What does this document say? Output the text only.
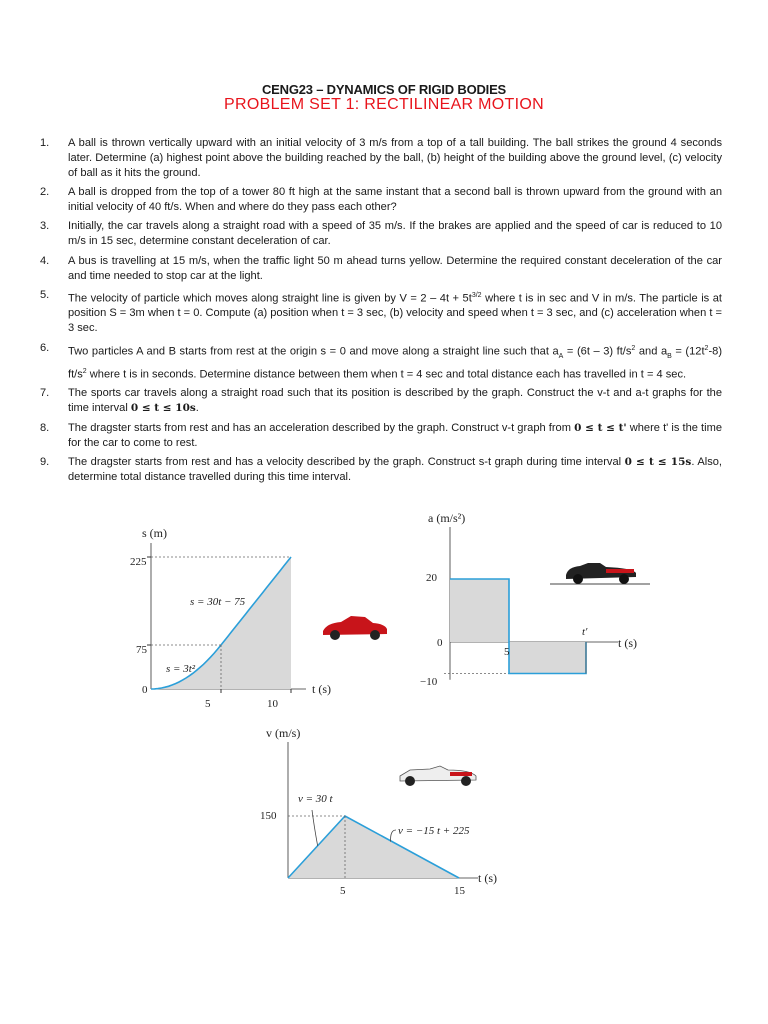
CENG23 – DYNAMICS OF RIGID BODIES
PROBLEM SET 1: RECTILINEAR MOTION
1. A ball is thrown vertically upward with an initial velocity of 3 m/s from a top of a tall building. The ball strikes the ground 4 seconds later. Determine (a) highest point above the building reached by the ball, (b) height of the building above the ground level, (c) velocity of ball as it hits the ground.
2. A ball is dropped from the top of a tower 80 ft high at the same instant that a second ball is thrown upward from the ground with an initial velocity of 40 ft/s. When and where do they pass each other?
3. Initially, the car travels along a straight road with a speed of 35 m/s. If the brakes are applied and the speed of car is reduced to 10 m/s in 15 sec, determine constant deceleration of car.
4. A bus is travelling at 15 m/s, when the traffic light 50 m ahead turns yellow. Determine the required constant deceleration of the car and time needed to stop car at the light.
5. The velocity of particle which moves along straight line is given by $V = 2 - 4t + 5t^{3/2}$ where t is in sec and V in m/s. The particle is at position S = 3m when t = 0. Compute (a) position when t = 3 sec, (b) velocity and speed when t = 3 sec, and (c) acceleration when t = 3 sec.
6. Two particles A and B starts from rest at the origin s = 0 and move along a straight line such that $a_A = (6t - 3)$ $ft/s^2$ and $a_B = (12t^2-8)$ $ft/s^2$ where t is in seconds. Determine distance between them when t = 4 sec and total distance each has travelled in t = 4 sec.
7. The sports car travels along a straight road such that its position is described by the graph. Construct the v-t and a-t graphs for the time interval 0 ≤ t ≤ 10s.
8. The dragster starts from rest and has an acceleration described by the graph. Construct v-t graph from 0 ≤ t ≤ t' where t' is the time for the car to come to rest.
9. The dragster starts from rest and has a velocity described by the graph. Construct s-t graph during time interval 0 ≤ t ≤ 15s. Also, determine total distance travelled during this time interval.
s (m)
t (s)
225
75
0
5	10
s = 30t − 75
s = 3t²
a (m/s²)
t (s)
20
0
−10
5
t′
v (m/s)
t (s)
150
5	15
v = 30 t
v = −15 t + 225
